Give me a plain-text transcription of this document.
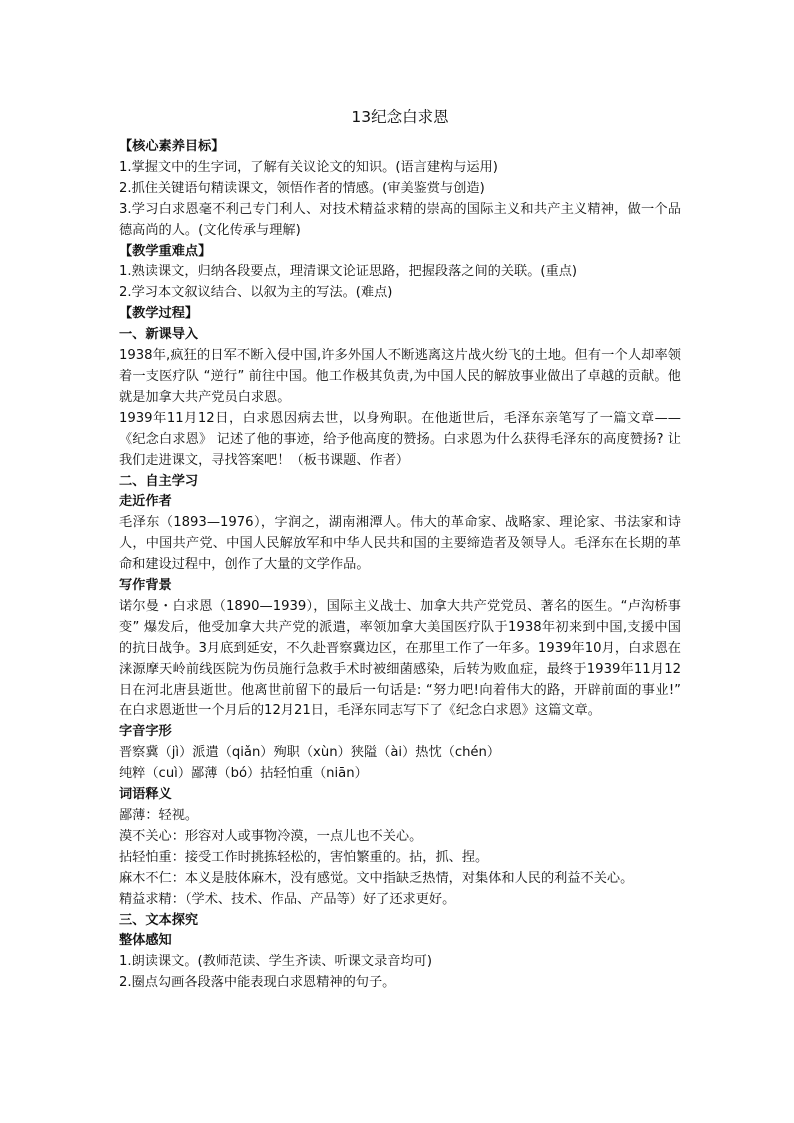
13纪念白求恩
【核心素养目标】
1.掌握文中的生字词，了解有关议论文的知识。(语言建构与运用)
2.抓住关键语句精读课文，领悟作者的情感。(审美鉴赏与创造)
3.学习白求恩毫不利己专门利人、对技术精益求精的崇高的国际主义和共产主义精神，做一个品德高尚的人。(文化传承与理解)
【教学重难点】
1.熟读课文，归纳各段要点，理清课文论证思路，把握段落之间的关联。(重点)
2.学习本文叙议结合、以叙为主的写法。(难点)
【教学过程】
一、新课导入
1938年,疯狂的日军不断入侵中国,许多外国人不断逃离这片战火纷飞的土地。但有一个人却率领着一支医疗队 “逆行” 前往中国。他工作极其负责,为中国人民的解放事业做出了卓越的贡献。他就是加拿大共产党员白求恩。
1939年11月12日，白求恩因病去世，以身殉职。在他逝世后，毛泽东亲笔写了一篇文章——《纪念白求恩》 记述了他的事迹，给予他高度的赞扬。白求恩为什么获得毛泽东的高度赞扬? 让我们走进课文，寻找答案吧！（板书课题、作者）
二、自主学习
走近作者
毛泽东（1893—1976），字润之，湖南湘潭人。伟大的革命家、战略家、理论家、书法家和诗人，中国共产党、中国人民解放军和中华人民共和国的主要缔造者及领导人。毛泽东在长期的革命和建设过程中，创作了大量的文学作品。
写作背景
诺尔曼・白求恩（1890—1939），国际主义战士、加拿大共产党党员、著名的医生。“卢沟桥事变” 爆发后，他受加拿大共产党的派遣，率领加拿大美国医疗队于1938年初来到中国,支援中国的抗日战争。3月底到延安，不久赴晋察冀边区，在那里工作了一年多。1939年10月，白求恩在涞源摩天岭前线医院为伤员施行急救手术时被细菌感染，后转为败血症，最终于1939年11月12日在河北唐县逝世。他离世前留下的最后一句话是: “努力吧!向着伟大的路，开辟前面的事业!” 在白求恩逝世一个月后的12月21日，毛泽东同志写下了《纪念白求恩》这篇文章。
字音字形
晋察冀（jì）派遣（qiǎn）殉职（xùn）狭隘（ài）热忱（chén）
纯粹（cuì）鄙薄（bó）拈轻怕重（niān）
词语释义
鄙薄：轻视。
漠不关心：形容对人或事物冷漠，一点儿也不关心。
拈轻怕重：接受工作时挑拣轻松的，害怕繁重的。拈，抓、捏。
麻木不仁：本义是肢体麻木，没有感觉。文中指缺乏热情，对集体和人民的利益不关心。
精益求精：（学术、技术、作品、产品等）好了还求更好。
三、文本探究
整体感知
1.朗读课文。(教师范读、学生齐读、听课文录音均可)
2.圈点勾画各段落中能表现白求恩精神的句子。
